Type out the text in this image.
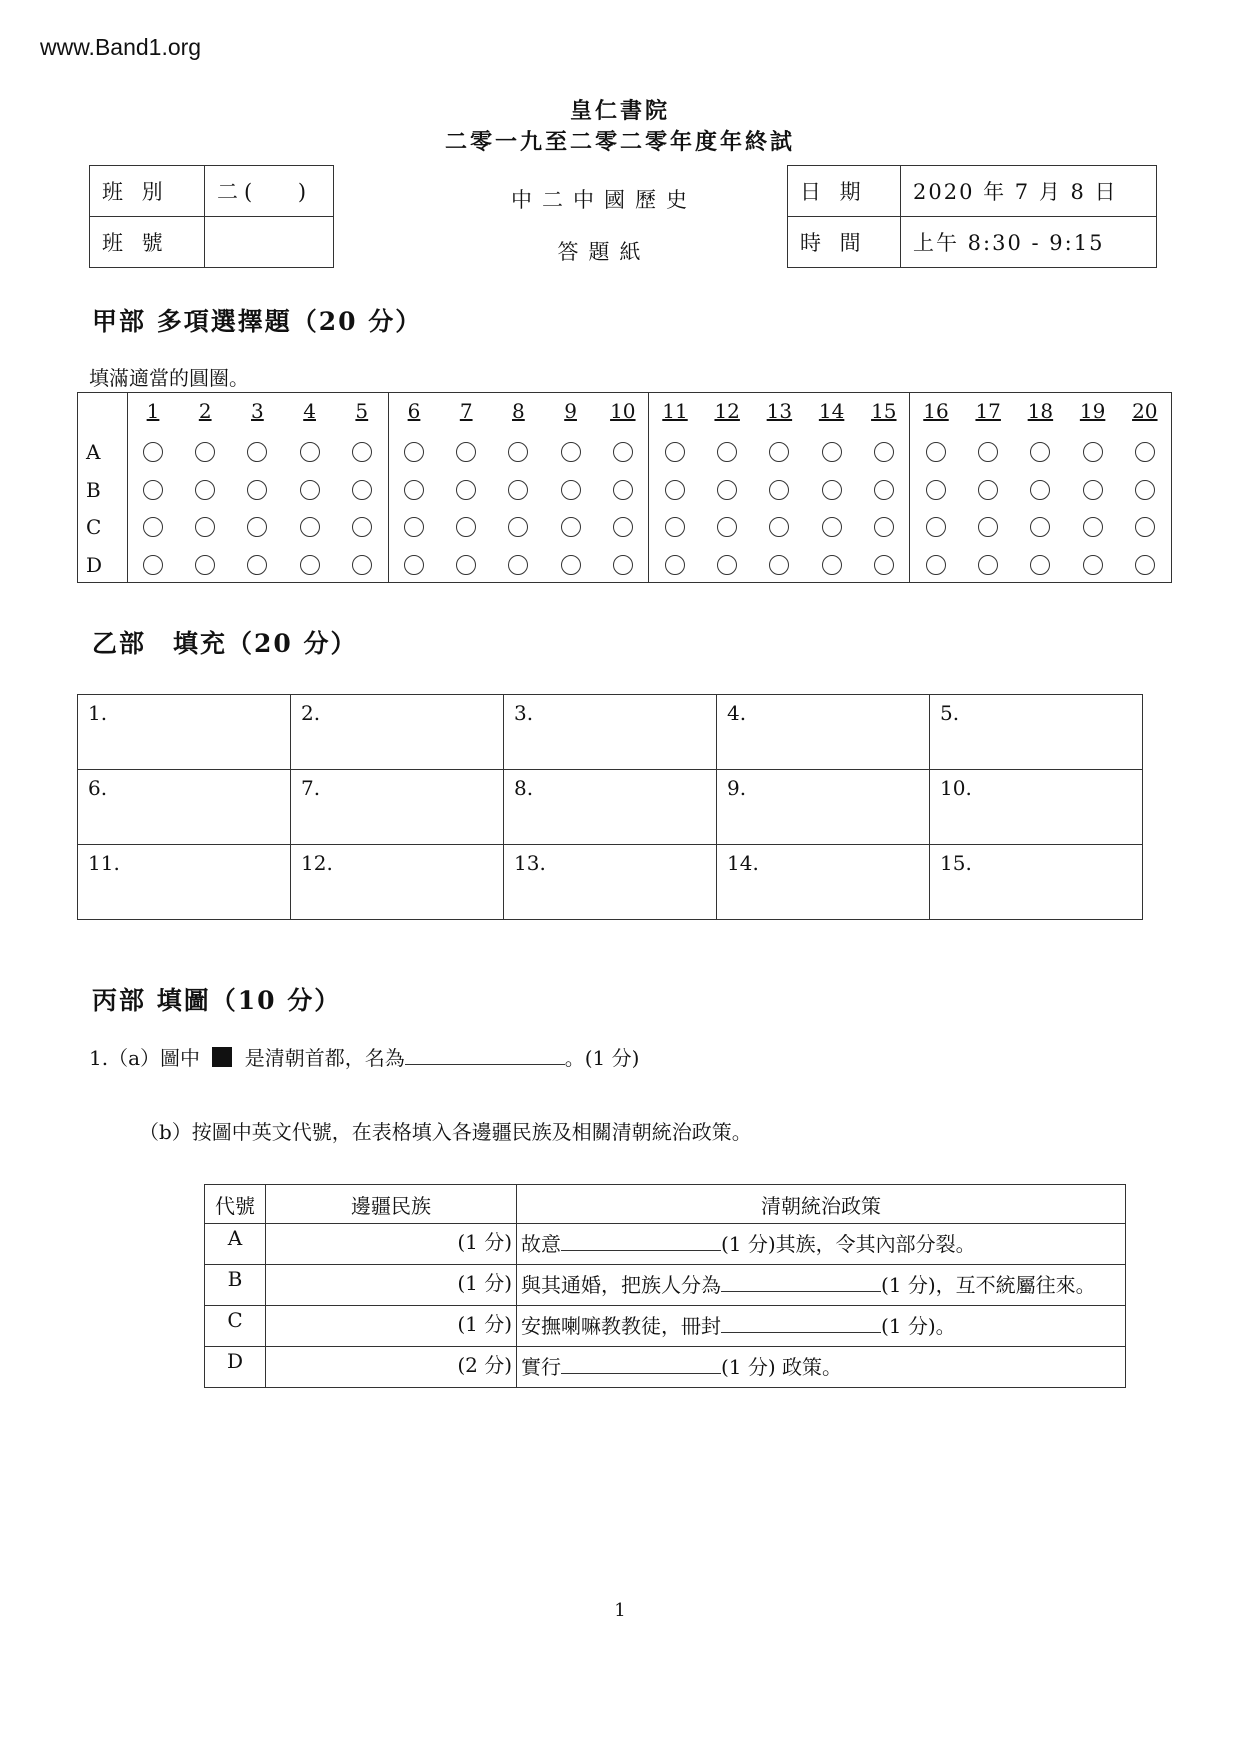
www.Band1.org
皇仁書院
二零一九至二零二零年度年終試
班 別	二(　 )
班 號	
中二中國歷史
答題紙
日 期	2020 年 7 月 8 日
時 間	上午 8:30 - 9:15
甲部 多項選擇題（20 分）
填滿適當的圓圈。
1 2 3 4 5 6 7 8 9 10 11 12 13 14 15 16 17 18 19 20
A
B
C
D
乙部　填充（20 分）
1.	2.	3.	4.	5.
6.	7.	8.	9.	10.
11.	12.	13.	14.	15.
丙部 填圖（10 分）
1.（a）圖中 是清朝首都，名為	。(1 分)
（b）按圖中英文代號，在表格填入各邊疆民族及相關清朝統治政策。
代號	邊疆民族	清朝統治政策
A	(1 分)	故意 (1 分)其族，令其內部分裂。
B	(1 分)	與其通婚，把族人分為 (1 分)，互不統屬往來。
C	(1 分)	安撫喇嘛教教徒，冊封 (1 分)。
D	(2 分)	實行 (1 分) 政策。
1
